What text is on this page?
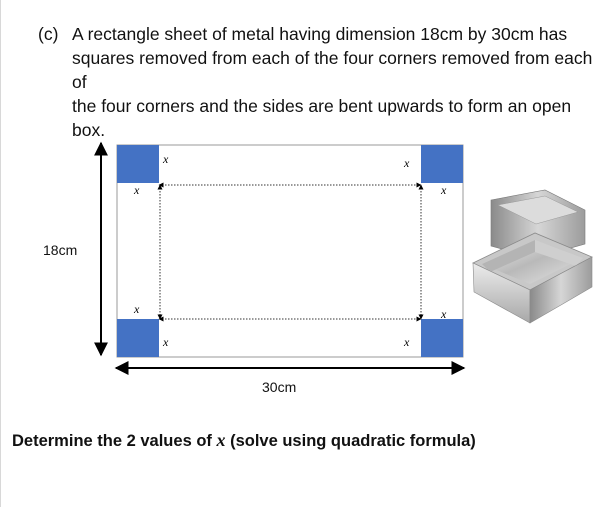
(c) A rectangle sheet of metal having dimension 18cm by 30cm has
squares removed from each of the four corners removed from each of
the four corners and the sides are bent upwards to form an open box.
x
x
x
x
x
x
x
x
18cm
30cm
Determine the 2 values of x (solve using quadratic formula)
